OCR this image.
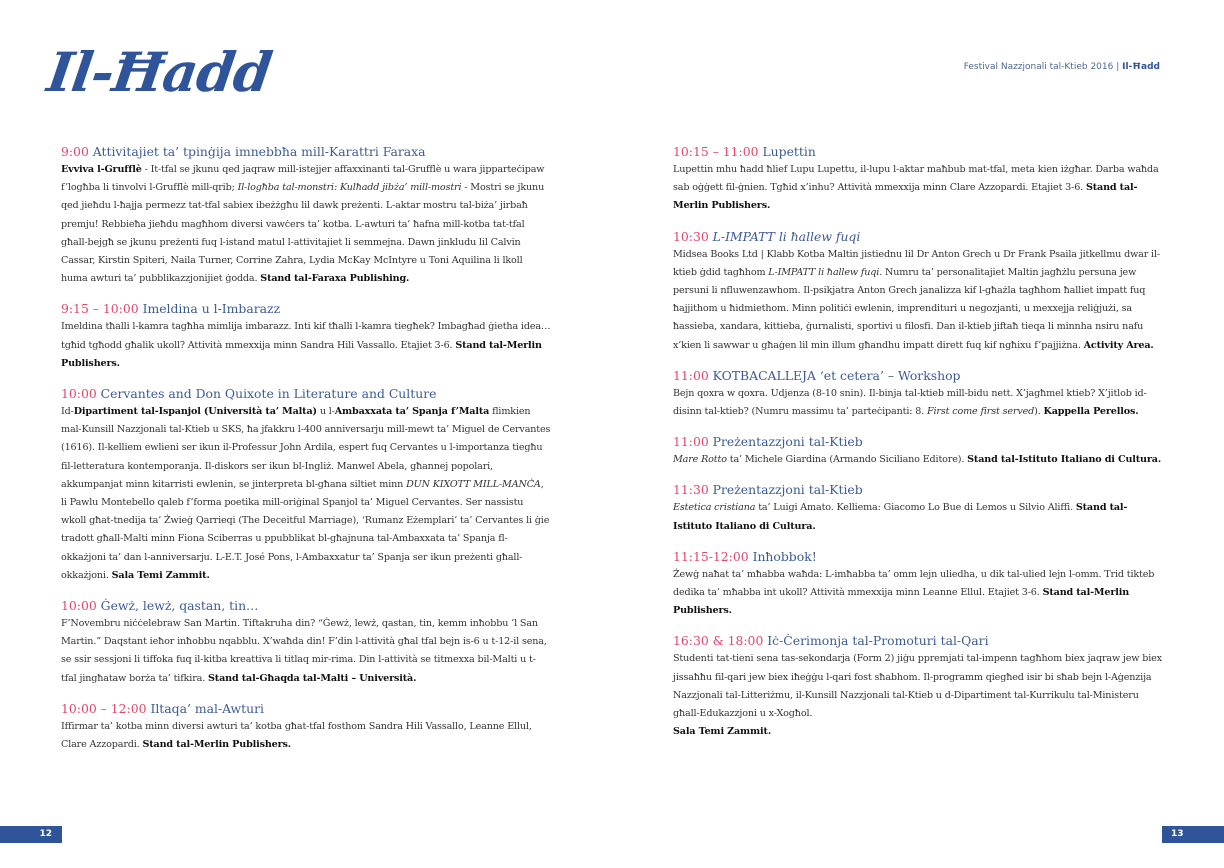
Il-Ħadd	Festival Nazzjonali tal-Ktieb 2016 | Il-Ħadd
9:00 Attivitajiet ta’ tpinġija imnebbħa mill-Karattri Faraxa

Evviva l-Grufflè - It-tfal se jkunu qed jaqraw mill-istejjer affaxxinanti tal-Grufflè u wara jipparteċipaw f’logħba li tinvolvi l-Grufflè mill-qrib; Il-logħba tal-monstri: Kulħadd jibża’ mill-mostri - Mostri se jkunu qed jieħdu l-ħajja permezz tat-tfal sabiex ibeżżgħu lil dawk preżenti. L-aktar mostru tal-biża’ jirbaħ premju! Rebbieħa jieħdu magħhom diversi vawċers ta’ kotba. L-awturi ta’ ħafna mill-kotba tat-tfal għall-bejgħ se jkunu preżenti fuq l-istand matul l-attivitajiet li semmejna. Dawn jinkludu lil Calvin Cassar, Kirstin Spiteri, Naila Turner, Corrine Zahra, Lydia McKay McIntyre u Toni Aquilina li lkoll huma awturi ta’ pubblikazzjonijiet ġodda. Stand tal-Faraxa Publishing.

9:15 – 10:00 Imeldina u l-Imbarazz

Imeldina tħalli l-kamra tagħha mimlija imbarazz. Inti kif tħalli l-kamra tiegħek? Imbagħad ġietha idea… tgħid tgħodd għalik ukoll? Attività mmexxija minn Sandra Hili Vassallo. Etajiet 3-6. Stand tal-Merlin Publishers.

10:00 Cervantes and Don Quixote in Literature and Culture

Id-Dipartiment tal-Ispanjol (Università ta’ Malta) u l-Ambaxxata ta’ Spanja f’Malta flimkien mal-Kunsill Nazzjonali tal-Ktieb u SKS, ħa jfakkru l-400 anniversarju mill-mewt ta’ Miguel de Cervantes (1616). Il-kelliem ewlieni ser ikun il-Professur John Ardila, espert fuq Cervantes u l-importanza tiegħu fil-letteratura kontemporanja. Il-diskors ser ikun bl-Ingliż. Manwel Abela, għannej popolari, akkumpanjat minn kitarristi ewlenin, se jinterpreta bl-għana siltiet minn DUN KIXOTT MILL-MANĊA, li Pawlu Montebello qaleb f’forma poetika mill-oriġinal Spanjol ta’ Miguel Cervantes. Ser nassistu wkoll għat-tnedija ta’ Żwieġ Qarrieqi (The Deceitful Marriage), ‘Rumanz Eżemplari’ ta’ Cervantes li ġie tradott għall-Malti minn Fiona Sciberras u ppubblikat bl-għajnuna tal-Ambaxxata ta’ Spanja fl-okkażjoni ta’ dan l-anniversarju. L-E.T. José Pons, l-Ambaxxatur ta’ Spanja ser ikun preżenti għall-okkażjoni. Sala Temi Zammit.

10:00 Ġewż, lewż, qastan, tin…

F’Novembru niċċelebraw San Martin. Tiftakruha din? “Ġewż, lewż, qastan, tin, kemm inħobbu ’l San Martin.” Daqstant ieħor inħobbu nqabblu. X’waħda din! F’din l-attività għal tfal bejn is-6 u t-12-il sena, se ssir sessjoni li tiffoka fuq il-kitba kreattiva li titlaq mir-rima. Din l-attività se titmexxa bil-Malti u t-tfal jingħataw borża ta’ tifkira. Stand tal-Għaqda tal-Malti – Università.

10:00 – 12:00 Iltaqa’ mal-Awturi

Iffirmar ta’ kotba minn diversi awturi ta’ kotba għat-tfal fosthom Sandra Hili Vassallo, Leanne Ellul, Clare Azzopardi. Stand tal-Merlin Publishers.

10:15 – 11:00 Lupettin

Lupettin mhu ħadd ħlief Lupu Lupettu, il-lupu l-aktar maħbub mat-tfal, meta kien iżgħar. Darba waħda sab oġġett fil-ġnien. Tgħid x’inhu? Attività mmexxija minn Clare Azzopardi. Etajiet 3-6. Stand tal-Merlin Publishers.

10:30 L-IMPATT li ħallew fuqi

Midsea Books Ltd | Klabb Kotba Maltin jistiednu lil Dr Anton Grech u Dr Frank Psaila jitkellmu dwar il-ktieb ġdid tagħhom L-IMPATT li ħallew fuqi. Numru ta’ personalitajiet Maltin jagħżlu persuna jew persuni li nfluwenzawhom. Il-psikjatra Anton Grech janalizza kif l-għażla tagħhom ħalliet impatt fuq ħajjithom u ħidmiethom. Minn politiċi ewlenin, imprendituri u negozjanti, u mexxejja reliġjużi, sa ħassieba, xandara, kittieba, ġurnalisti, sportivi u filosfi. Dan il-ktieb jiftaħ tieqa li minnha nsiru nafu x’kien li sawwar u għaġen lil min illum għandhu impatt dirett fuq kif ngħixu f’pajjiżna. Activity Area.

11:00 KOTBACALLEJA ‘et cetera’ – Workshop

Bejn qoxra w qoxra. Udjenza (8-10 snin). Il-binja tal-ktieb mill-bidu nett. X’jagħmel ktieb? X’jitlob id-disinn tal-ktieb? (Numru massimu ta’ parteċipanti: 8. First come first served). Kappella Perellos.

11:00 Preżentazzjoni tal-Ktieb

Mare Rotto ta’ Michele Giardina (Armando Siciliano Editore). Stand tal-Istituto Italiano di Cultura.

11:30 Preżentazzjoni tal-Ktieb

Estetica cristiana ta’ Luigi Amato. Kelliema: Giacomo Lo Bue di Lemos u Silvio Aliffi. Stand tal-Istituto Italiano di Cultura.

11:15-12:00 Inħobbok!

Żewġ naħat ta’ mħabba waħda: L-imħabba ta’ omm lejn uliedha, u dik tal-ulied lejn l-omm. Trid tikteb dedika ta’ mħabba int ukoll? Attività mmexxija minn Leanne Ellul. Etajiet 3-6. Stand tal-Merlin Publishers.

16:30 & 18:00 Iċ-Ċerimonja tal-Promoturi tal-Qari

Studenti tat-tieni sena tas-sekondarja (Form 2) jiġu ppremjati tal-impenn tagħhom biex jaqraw jew biex jissaħħu fil-qari jew biex iħeġġu l-qari fost sħabhom. Il-programm qiegħed isir bi sħab bejn l-Aġenzija Nazzjonali tal-Litteriżmu, il-Kunsill Nazzjonali tal-Ktieb u d-Dipartiment tal-Kurrikulu tal-Ministeru għall-Edukazzjoni u x-Xogħol.
Sala Temi Zammit.

12	13
